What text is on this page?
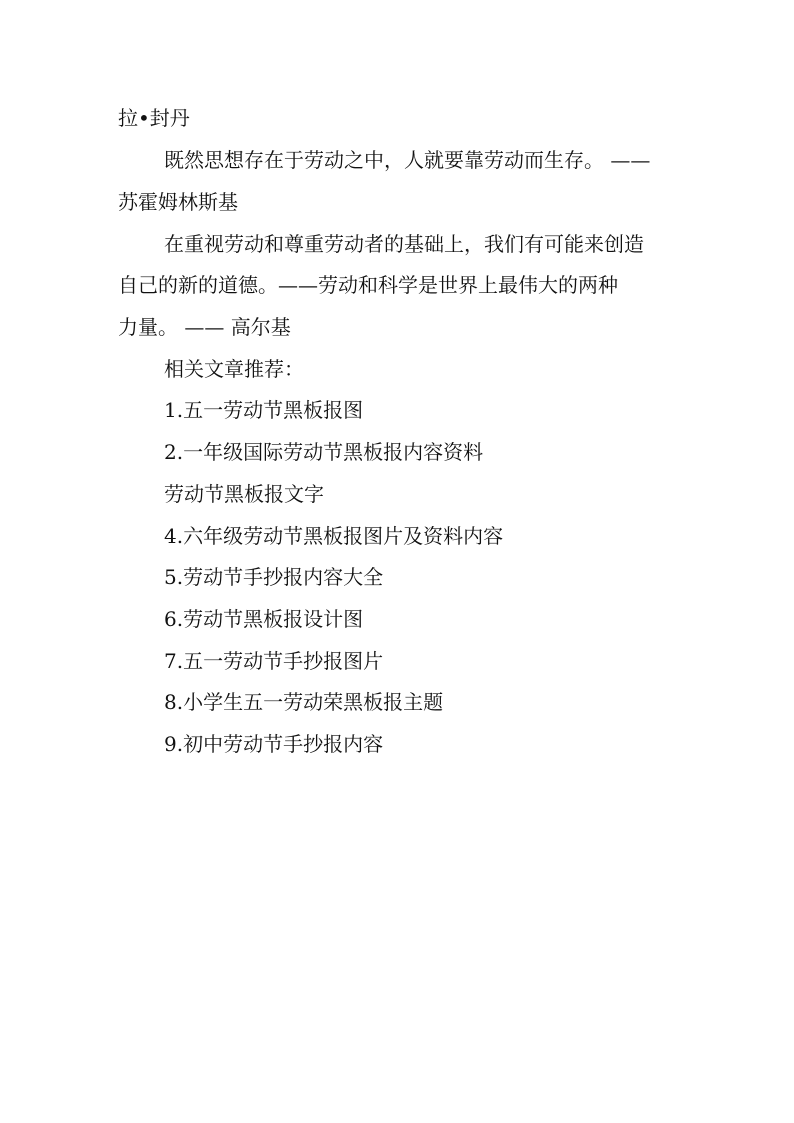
拉•封丹
既然思想存在于劳动之中，人就要靠劳动而生存。 ——
苏霍姆林斯基
在重视劳动和尊重劳动者的基础上，我们有可能来创造
自己的新的道德。——劳动和科学是世界上最伟大的两种
力量。 —— 高尔基
相关文章推荐：
1.五一劳动节黑板报图
2.一年级国际劳动节黑板报内容资料
劳动节黑板报文字
4.六年级劳动节黑板报图片及资料内容
5.劳动节手抄报内容大全
6.劳动节黑板报设计图
7.五一劳动节手抄报图片
8.小学生五一劳动荣黑板报主题
9.初中劳动节手抄报内容
